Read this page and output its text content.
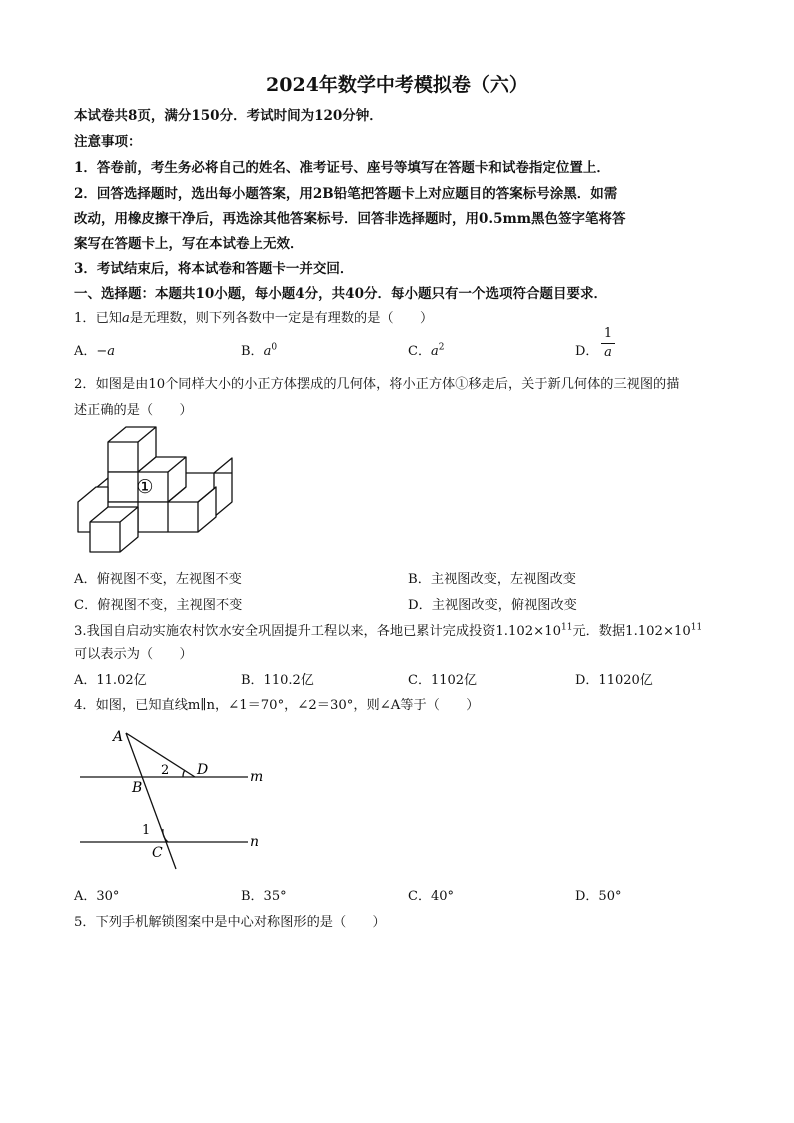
2024年数学中考模拟卷（六）
本试卷共8页，满分150分．考试时间为120分钟．
注意事项：
1．答卷前，考生务必将自己的姓名、准考证号、座号等填写在答题卡和试卷指定位置上．
2．回答选择题时，选出每小题答案，用2B铅笔把答题卡上对应题目的答案标号涂黑．如需
改动，用橡皮擦干净后，再选涂其他答案标号．回答非选择题时，用0.5mm黑色签字笔将答
案写在答题卡上，写在本试卷上无效．
3．考试结束后，将本试卷和答题卡一并交回．
一、选择题：本题共10小题，每小题4分，共40分．每小题只有一个选项符合题目要求．
1．已知a是无理数，则下列各数中一定是有理数的是（　　）
A．−a	B．$a^0$	C．$a^2$	D．
1
a
2．如图是由10个同样大小的小正方体摆成的几何体，将小正方体①移走后，关于新几何体的三视图的描
述正确的是（　　）
①
A．俯视图不变，左视图不变	B．主视图改变，左视图改变
C．俯视图不变，主视图不变	D．主视图改变，俯视图改变
3.我国自启动实施农村饮水安全巩固提升工程以来，各地已累计完成投资$1.102\times 10^{11}$元．数据$1.102\times 10^{11}$
可以表示为（　　）
A．11.02亿	B．110.2亿	C．1102亿	D．11020亿
4．如图，已知直线m∥n，∠1＝70°，∠2＝30°，则∠A等于（　　）
A
B
C
D	m
n
1
2
A．30°	B．35°	C．40°	D．50°
5．下列手机解锁图案中是中心对称图形的是（　　）
